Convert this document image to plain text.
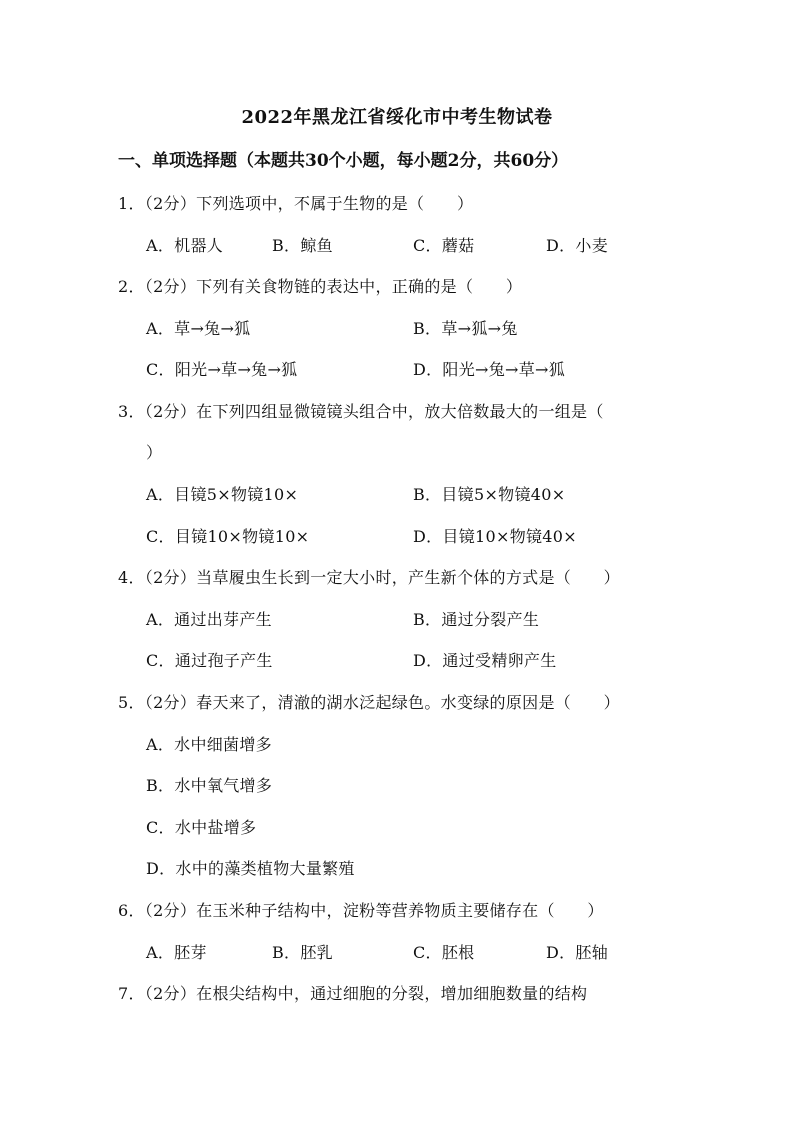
2022年黑龙江省绥化市中考生物试卷
一、单项选择题（本题共30个小题，每小题2分，共60分）
1．（2分）下列选项中，不属于生物的是（　　）
A．机器人	B．鲸鱼	C．蘑菇	D．小麦
2．（2分）下列有关食物链的表达中，正确的是（　　）
A．草→兔→狐	B．草→狐→兔
C．阳光→草→兔→狐	D．阳光→兔→草→狐
3．（2分）在下列四组显微镜镜头组合中，放大倍数最大的一组是（
）
A．目镜5×物镜10×	B．目镜5×物镜40×
C．目镜10×物镜10×	D．目镜10×物镜40×
4．（2分）当草履虫生长到一定大小时，产生新个体的方式是（　　）
A．通过出芽产生	B．通过分裂产生
C．通过孢子产生	D．通过受精卵产生
5．（2分）春天来了，清澈的湖水泛起绿色。水变绿的原因是（　　）
A．水中细菌增多
B．水中氧气增多
C．水中盐增多
D．水中的藻类植物大量繁殖
6．（2分）在玉米种子结构中，淀粉等营养物质主要储存在（　　）
A．胚芽	B．胚乳	C．胚根	D．胚轴
7．（2分）在根尖结构中，通过细胞的分裂，增加细胞数量的结构
